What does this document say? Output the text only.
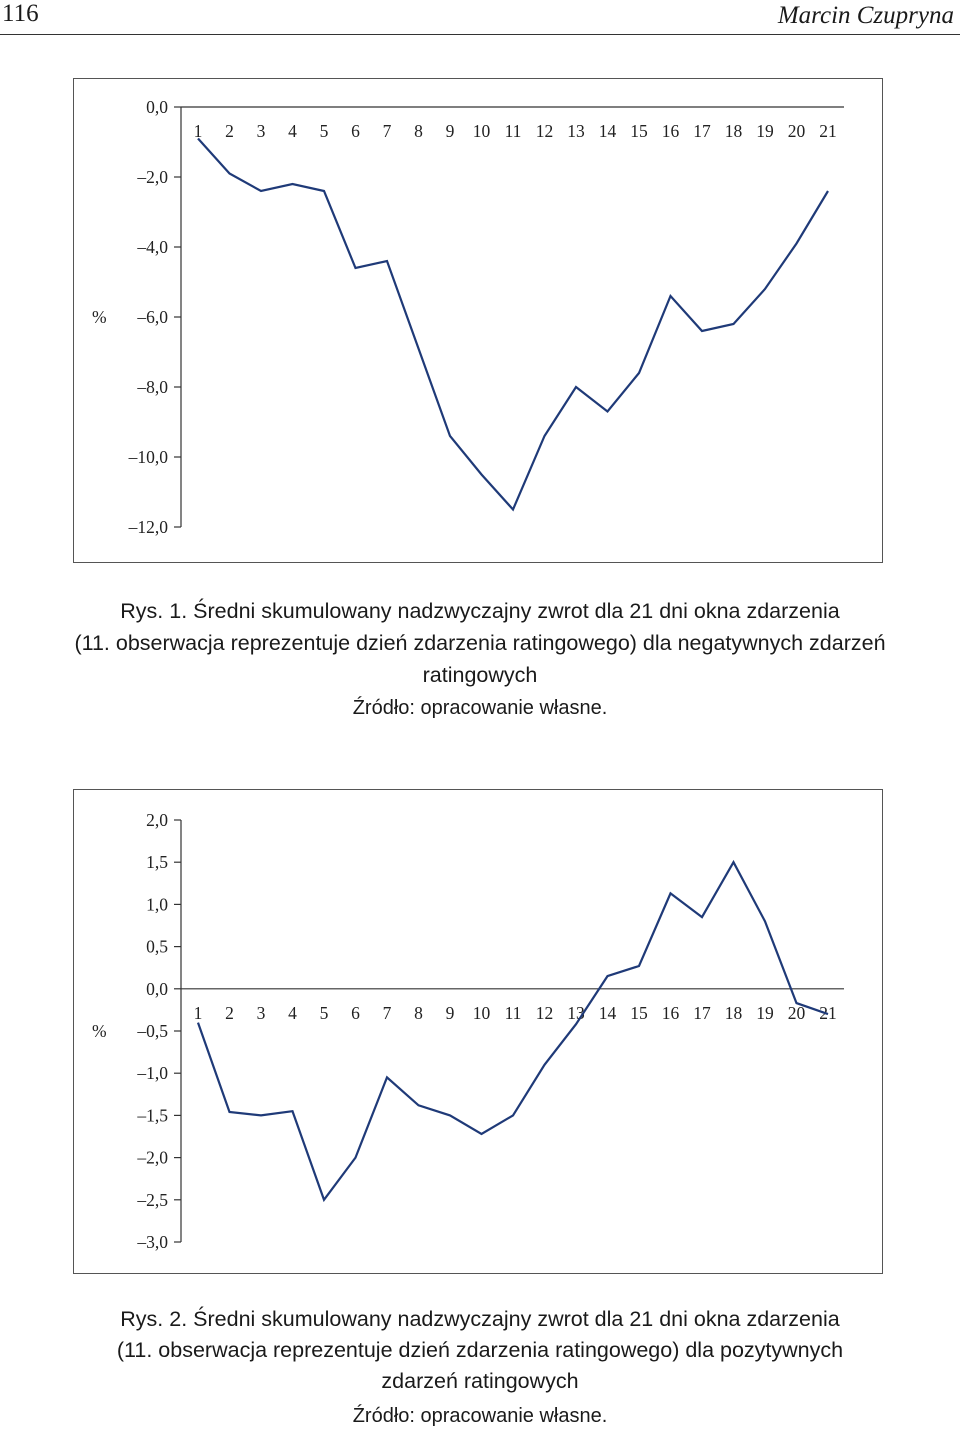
116	Marcin Czupryna
0,0
–2,0
–4,0
–6,0
–8,0
–10,0
–12,0
%
1 2 3 4 5 6 7 8 9 10 11 12 13 14 15 16 17 18 19 20 21
Rys. 1. Średni skumulowany nadzwyczajny zwrot dla 21 dni okna zdarzenia
(11. obserwacja reprezentuje dzień zdarzenia ratingowego) dla negatywnych zdarzeń
ratingowych
Źródło: opracowanie własne.
2,0
1,5
1,0
0,5
0,0
–0,5
–1,0
–1,5
–2,0
–2,5
–3,0
%
1 2 3 4 5 6 7 8 9 10 11 12 13 14 15 16 17 18 19 20 21
Rys. 2. Średni skumulowany nadzwyczajny zwrot dla 21 dni okna zdarzenia
(11. obserwacja reprezentuje dzień zdarzenia ratingowego) dla pozytywnych
zdarzeń ratingowych
Źródło: opracowanie własne.
